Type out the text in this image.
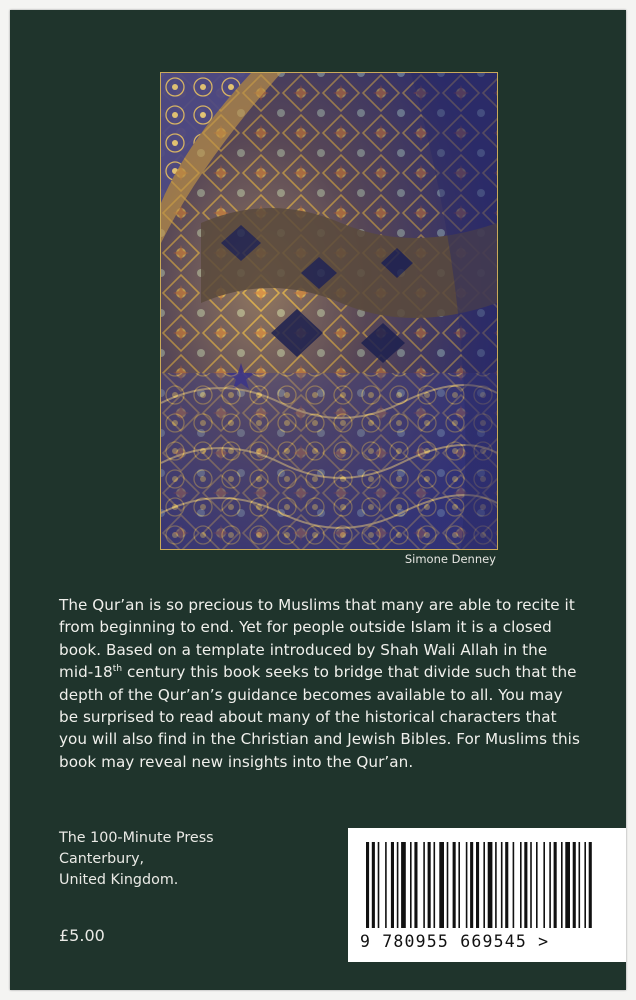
Simone Denney

The Qur’an is so precious to Muslims that many are able to recite it from beginning to end. Yet for people outside Islam it is a closed book. Based on a template introduced by Shah Wali Allah in the mid-18th century this book seeks to bridge that divide such that the depth of the Qur’an’s guidance becomes available to all. You may be surprised to read about many of the historical characters that you will also find in the Christian and Jewish Bibles. For Muslims this book may reveal new insights into the Qur’an.

The 100-Minute Press
Canterbury,
United Kingdom.
£5.00	9 780955 669545 >
